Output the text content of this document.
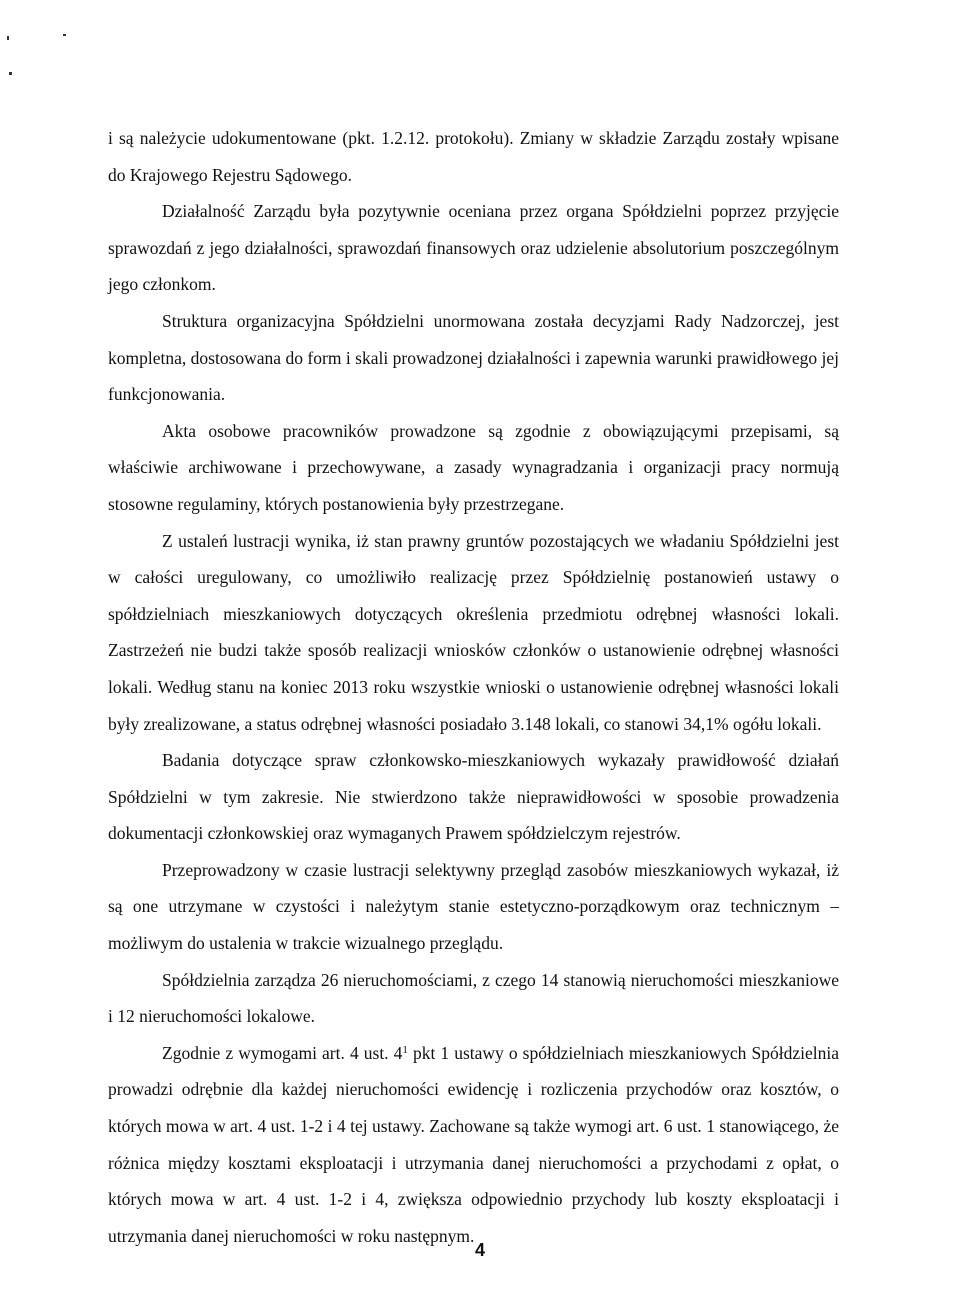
i są należycie udokumentowane (pkt. 1.2.12. protokołu). Zmiany w składzie Zarządu zostały wpisane do Krajowego Rejestru Sądowego.

Działalność Zarządu była pozytywnie oceniana przez organa Spółdzielni poprzez przyjęcie sprawozdań z jego działalności, sprawozdań finansowych oraz udzielenie absolutorium poszczególnym jego członkom.

Struktura organizacyjna Spółdzielni unormowana została decyzjami Rady Nadzorczej, jest kompletna, dostosowana do form i skali prowadzonej działalności i zapewnia warunki prawidłowego jej funkcjonowania.

Akta osobowe pracowników prowadzone są zgodnie z obowiązującymi przepisami, są właściwie archiwowane i przechowywane, a zasady wynagradzania i organizacji pracy normują stosowne regulaminy, których postanowienia były przestrzegane.

Z ustaleń lustracji wynika, iż stan prawny gruntów pozostających we władaniu Spółdzielni jest w całości uregulowany, co umożliwiło realizację przez Spółdzielnię postanowień ustawy o spółdzielniach mieszkaniowych dotyczących określenia przedmiotu odrębnej własności lokali. Zastrzeżeń nie budzi także sposób realizacji wniosków członków o ustanowienie odrębnej własności lokali. Według stanu na koniec 2013 roku wszystkie wnioski o ustanowienie odrębnej własności lokali były zrealizowane, a status odrębnej własności posiadało 3.148 lokali, co stanowi 34,1% ogółu lokali.

Badania dotyczące spraw członkowsko-mieszkaniowych wykazały prawidłowość działań Spółdzielni w tym zakresie. Nie stwierdzono także nieprawidłowości w sposobie prowadzenia dokumentacji członkowskiej oraz wymaganych Prawem spółdzielczym rejestrów.

Przeprowadzony w czasie lustracji selektywny przegląd zasobów mieszkaniowych wykazał, iż są one utrzymane w czystości i należytym stanie estetyczno-porządkowym oraz technicznym – możliwym do ustalenia w trakcie wizualnego przeglądu.

Spółdzielnia zarządza 26 nieruchomościami, z czego 14 stanowią nieruchomości mieszkaniowe i 12 nieruchomości lokalowe.

Zgodnie z wymogami art. 4 ust. $4^1$ pkt 1 ustawy o spółdzielniach mieszkaniowych Spółdzielnia prowadzi odrębnie dla każdej nieruchomości ewidencję i rozliczenia przychodów oraz kosztów, o których mowa w art. 4 ust. 1-2 i 4 tej ustawy. Zachowane są także wymogi art. 6 ust. 1 stanowiącego, że różnica między kosztami eksploatacji i utrzymania danej nieruchomości a przychodami z opłat, o których mowa w art. 4 ust. 1-2 i 4, zwiększa odpowiednio przychody lub koszty eksploatacji i utrzymania danej nieruchomości w roku następnym.

4
